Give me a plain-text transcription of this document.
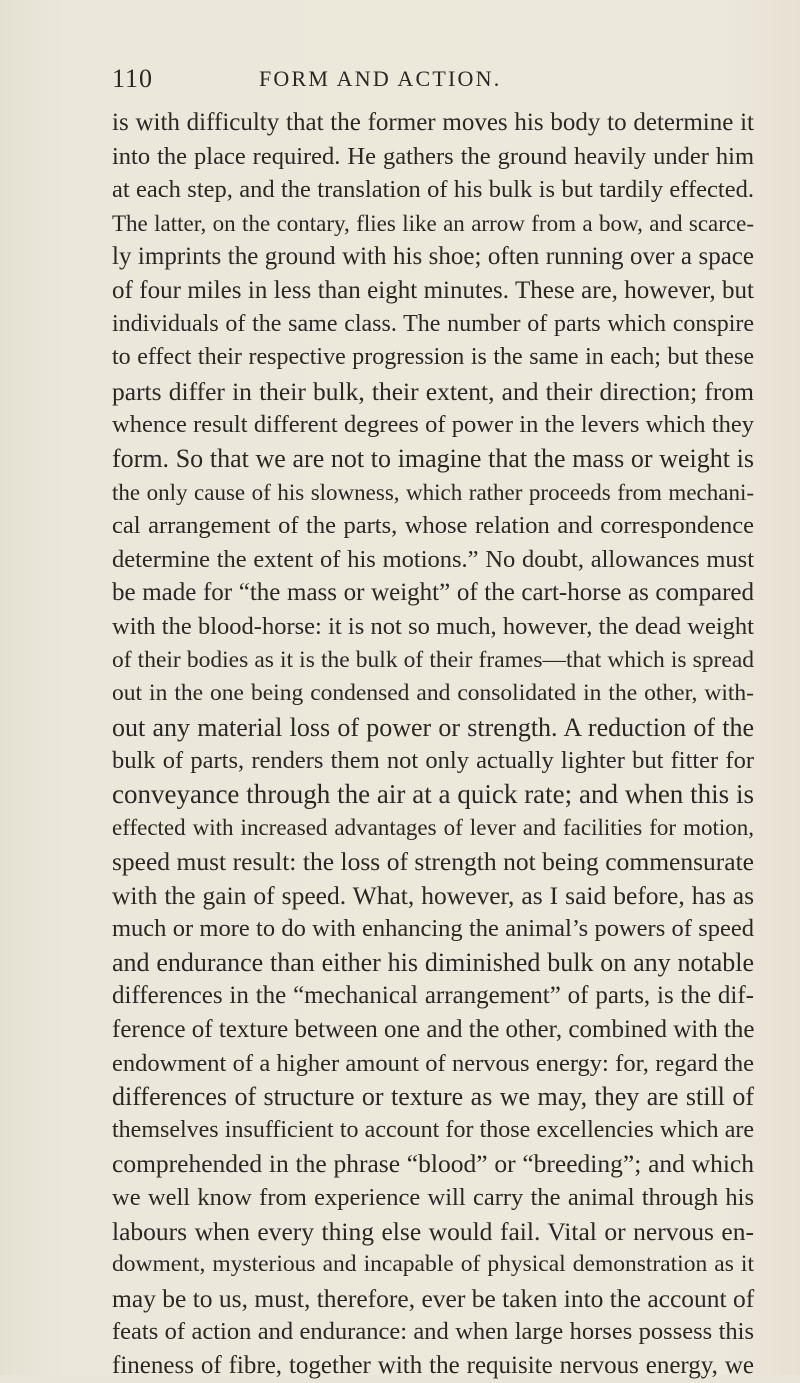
110	FORM AND ACTION.
is with difficulty that the former moves his body to determine it
into the place required. He gathers the ground heavily under him
at each step, and the translation of his bulk is but tardily effected.
The latter, on the contary, flies like an arrow from a bow, and scarce-
ly imprints the ground with his shoe; often running over a space
of four miles in less than eight minutes. These are, however, but
individuals of the same class. The number of parts which conspire
to effect their respective progression is the same in each; but these
parts differ in their bulk, their extent, and their direction; from
whence result different degrees of power in the levers which they
form. So that we are not to imagine that the mass or weight is
the only cause of his slowness, which rather proceeds from mechani-
cal arrangement of the parts, whose relation and correspondence
determine the extent of his motions.” No doubt, allowances must
be made for “the mass or weight” of the cart-horse as compared
with the blood-horse: it is not so much, however, the dead weight
of their bodies as it is the bulk of their frames—that which is spread
out in the one being condensed and consolidated in the other, with-
out any material loss of power or strength. A reduction of the
bulk of parts, renders them not only actually lighter but fitter for
conveyance through the air at a quick rate; and when this is
effected with increased advantages of lever and facilities for motion,
speed must result: the loss of strength not being commensurate
with the gain of speed. What, however, as I said before, has as
much or more to do with enhancing the animal’s powers of speed
and endurance than either his diminished bulk on any notable
differences in the “mechanical arrangement” of parts, is the dif-
ference of texture between one and the other, combined with the
endowment of a higher amount of nervous energy: for, regard the
differences of structure or texture as we may, they are still of
themselves insufficient to account for those excellencies which are
comprehended in the phrase “blood” or “breeding”; and which
we well know from experience will carry the animal through his
labours when every thing else would fail. Vital or nervous en-
dowment, mysterious and incapable of physical demonstration as it
may be to us, must, therefore, ever be taken into the account of
feats of action and endurance: and when large horses possess this
fineness of fibre, together with the requisite nervous energy, we
